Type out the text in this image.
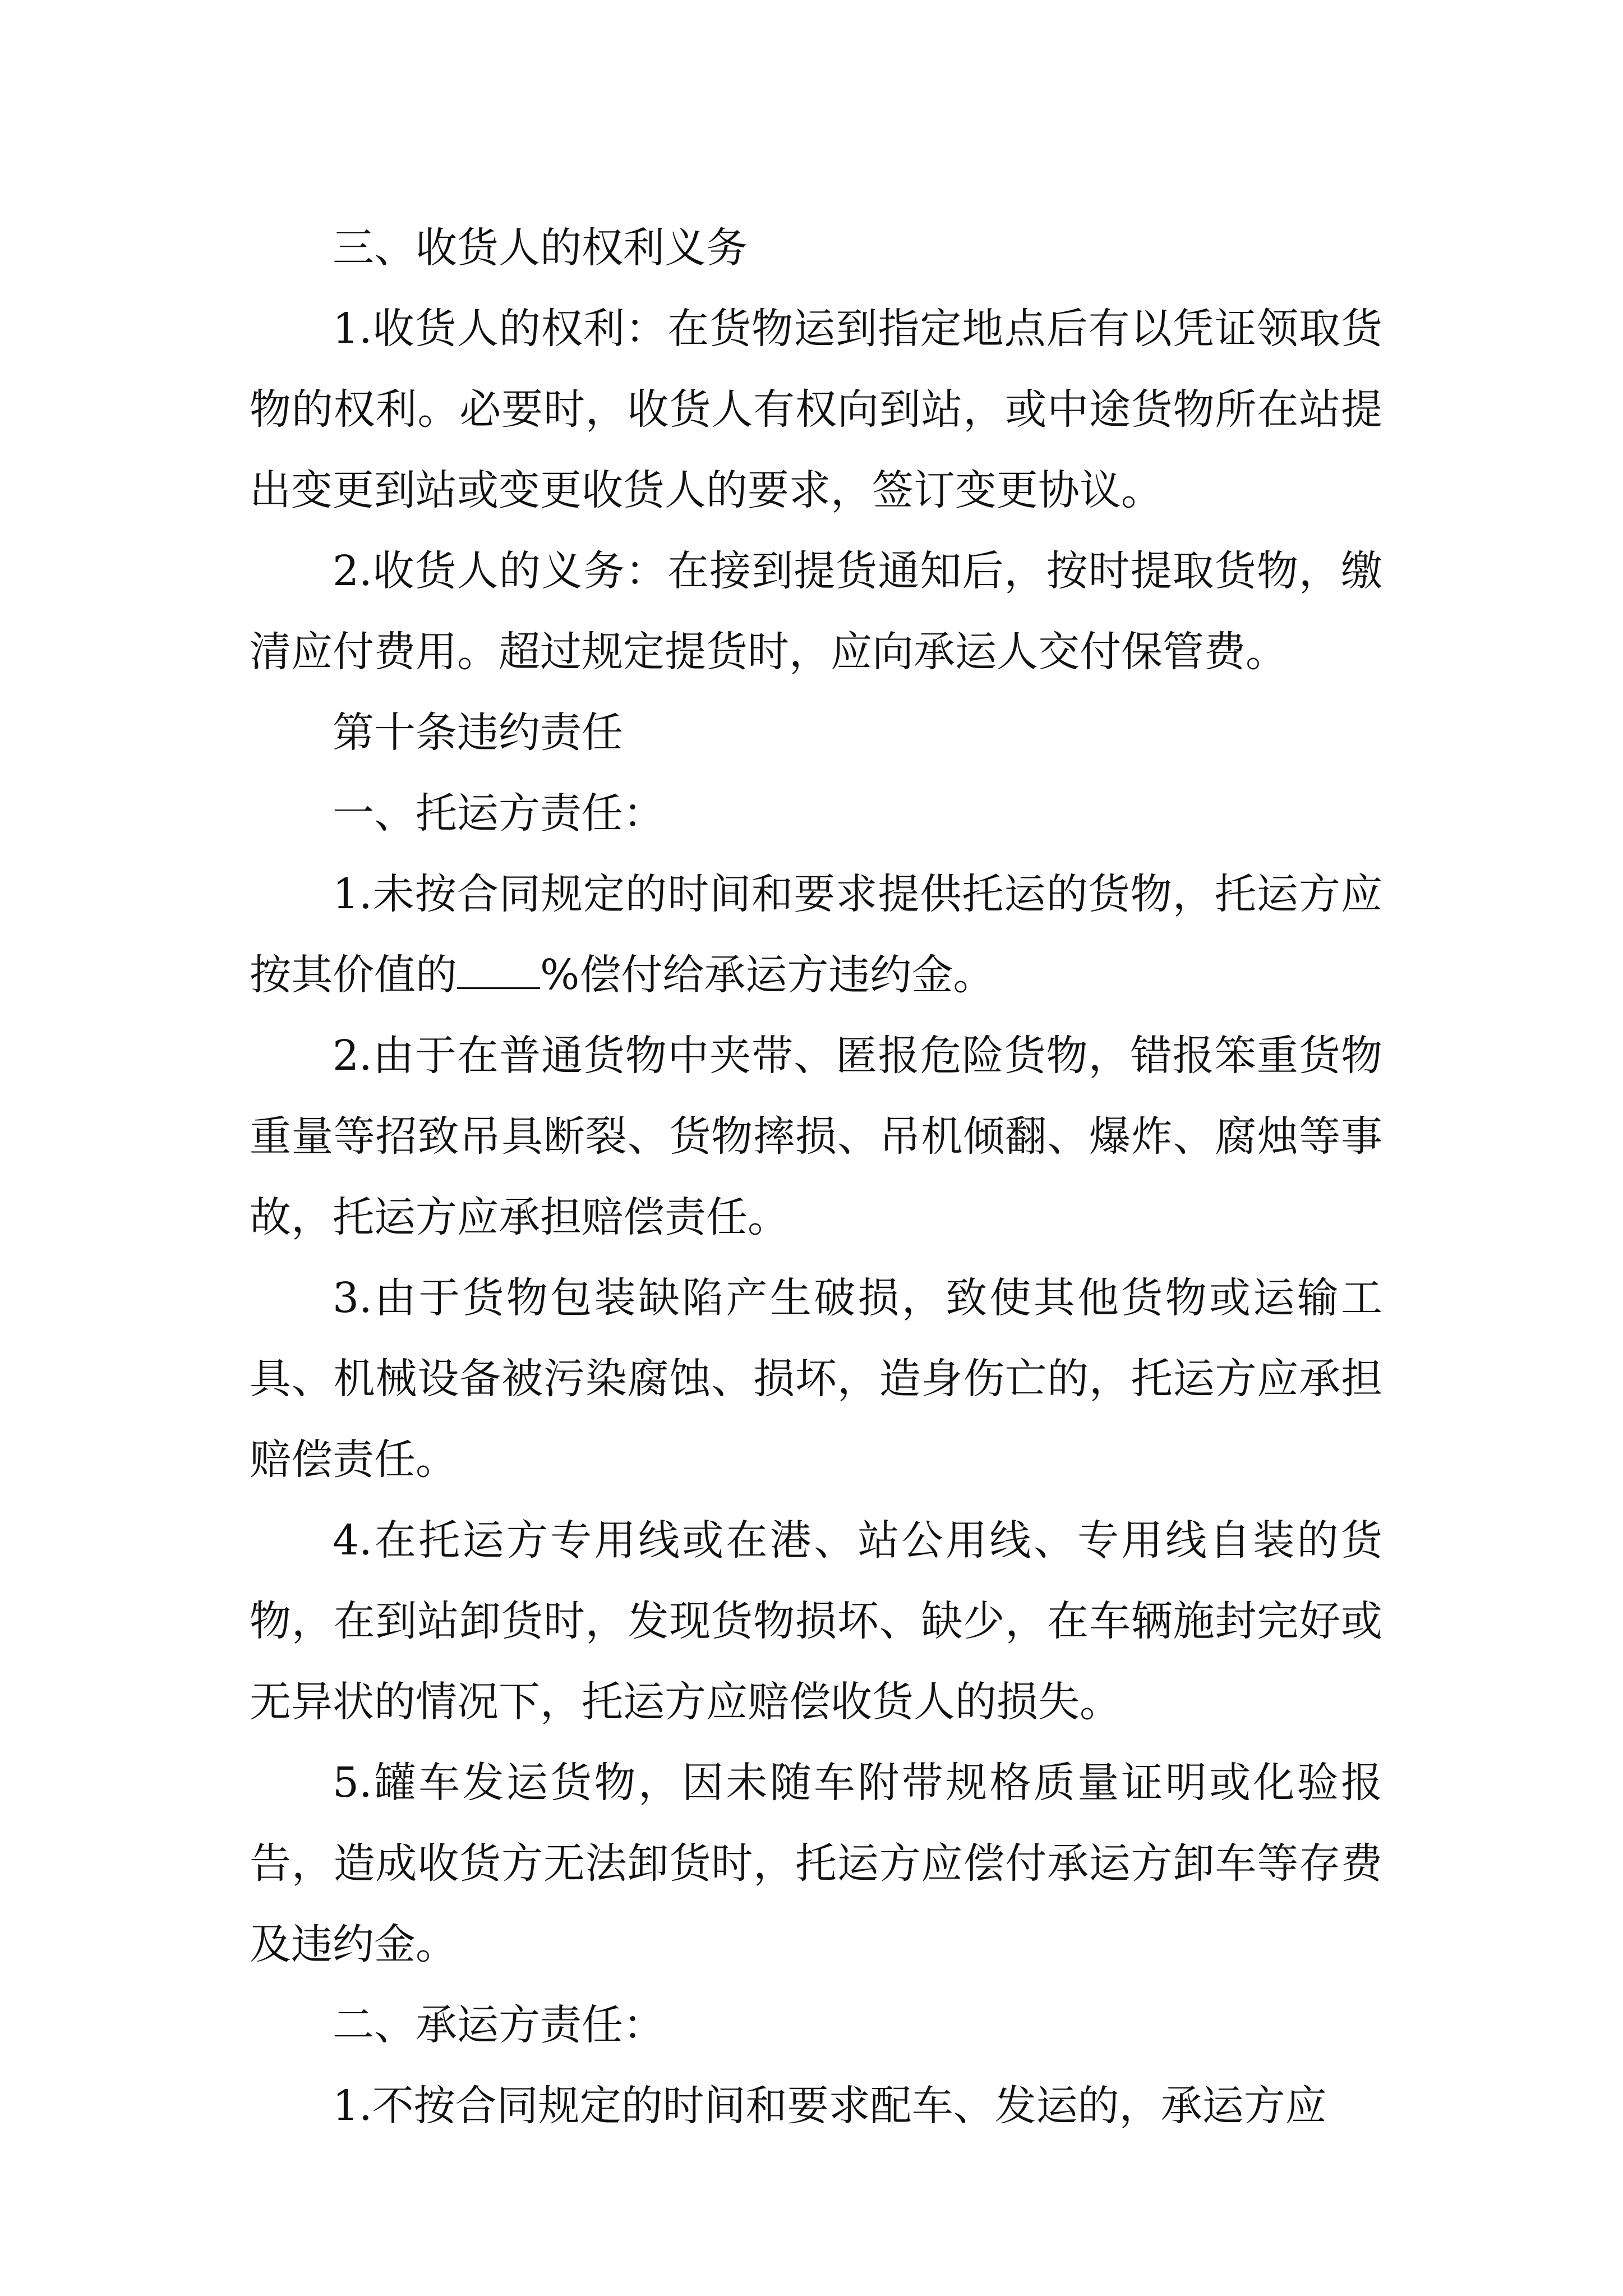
三、收货人的权利义务

1.收货人的权利：在货物运到指定地点后有以凭证领取货物的权利。必要时，收货人有权向到站，或中途货物所在站提出变更到站或变更收货人的要求，签订变更协议。

2.收货人的义务：在接到提货通知后，按时提取货物，缴清应付费用。超过规定提货时，应向承运人交付保管费。

第十条违约责任

一、托运方责任：

1.未按合同规定的时间和要求提供托运的货物，托运方应按其价值的 %偿付给承运方违约金。

2.由于在普通货物中夹带、匿报危险货物，错报笨重货物重量等招致吊具断裂、货物摔损、吊机倾翻、爆炸、腐烛等事故，托运方应承担赔偿责任。

3.由于货物包装缺陷产生破损，致使其他货物或运输工具、机械设备被污染腐蚀、损坏，造身伤亡的，托运方应承担赔偿责任。

4.在托运方专用线或在港、站公用线、专用线自装的货物，在到站卸货时，发现货物损坏、缺少，在车辆施封完好或无异状的情况下，托运方应赔偿收货人的损失。

5.罐车发运货物，因未随车附带规格质量证明或化验报告，造成收货方无法卸货时，托运方应偿付承运方卸车等存费及违约金。

二、承运方责任：

1.不按合同规定的时间和要求配车、发运的，承运方应
